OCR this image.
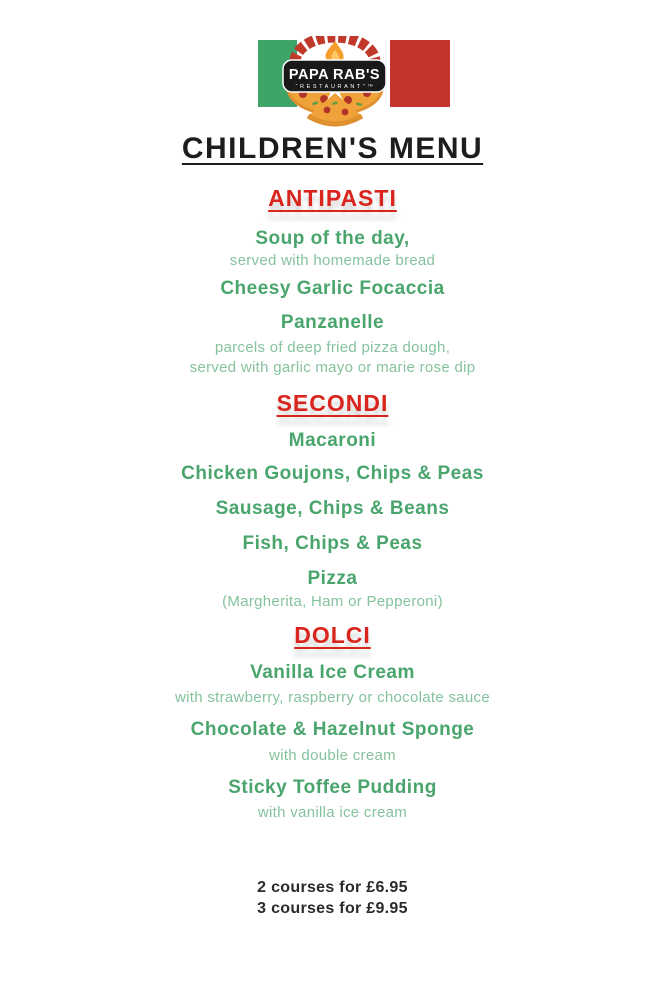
PAPA RAB'S
“RESTAURANT”™
CHILDREN'S MENU
ANTIPASTI
Soup of the day,
served with homemade bread
Cheesy Garlic Focaccia
Panzanelle
parcels of deep fried pizza dough,
served with garlic mayo or marie rose dip
SECONDI
Macaroni
Chicken Goujons, Chips & Peas
Sausage, Chips & Beans
Fish, Chips & Peas
Pizza
(Margherita, Ham or Pepperoni)
DOLCI
Vanilla Ice Cream
with strawberry, raspberry or chocolate sauce
Chocolate & Hazelnut Sponge
with double cream
Sticky Toffee Pudding
with vanilla ice cream
2 courses for £6.95
3 courses for £9.95
